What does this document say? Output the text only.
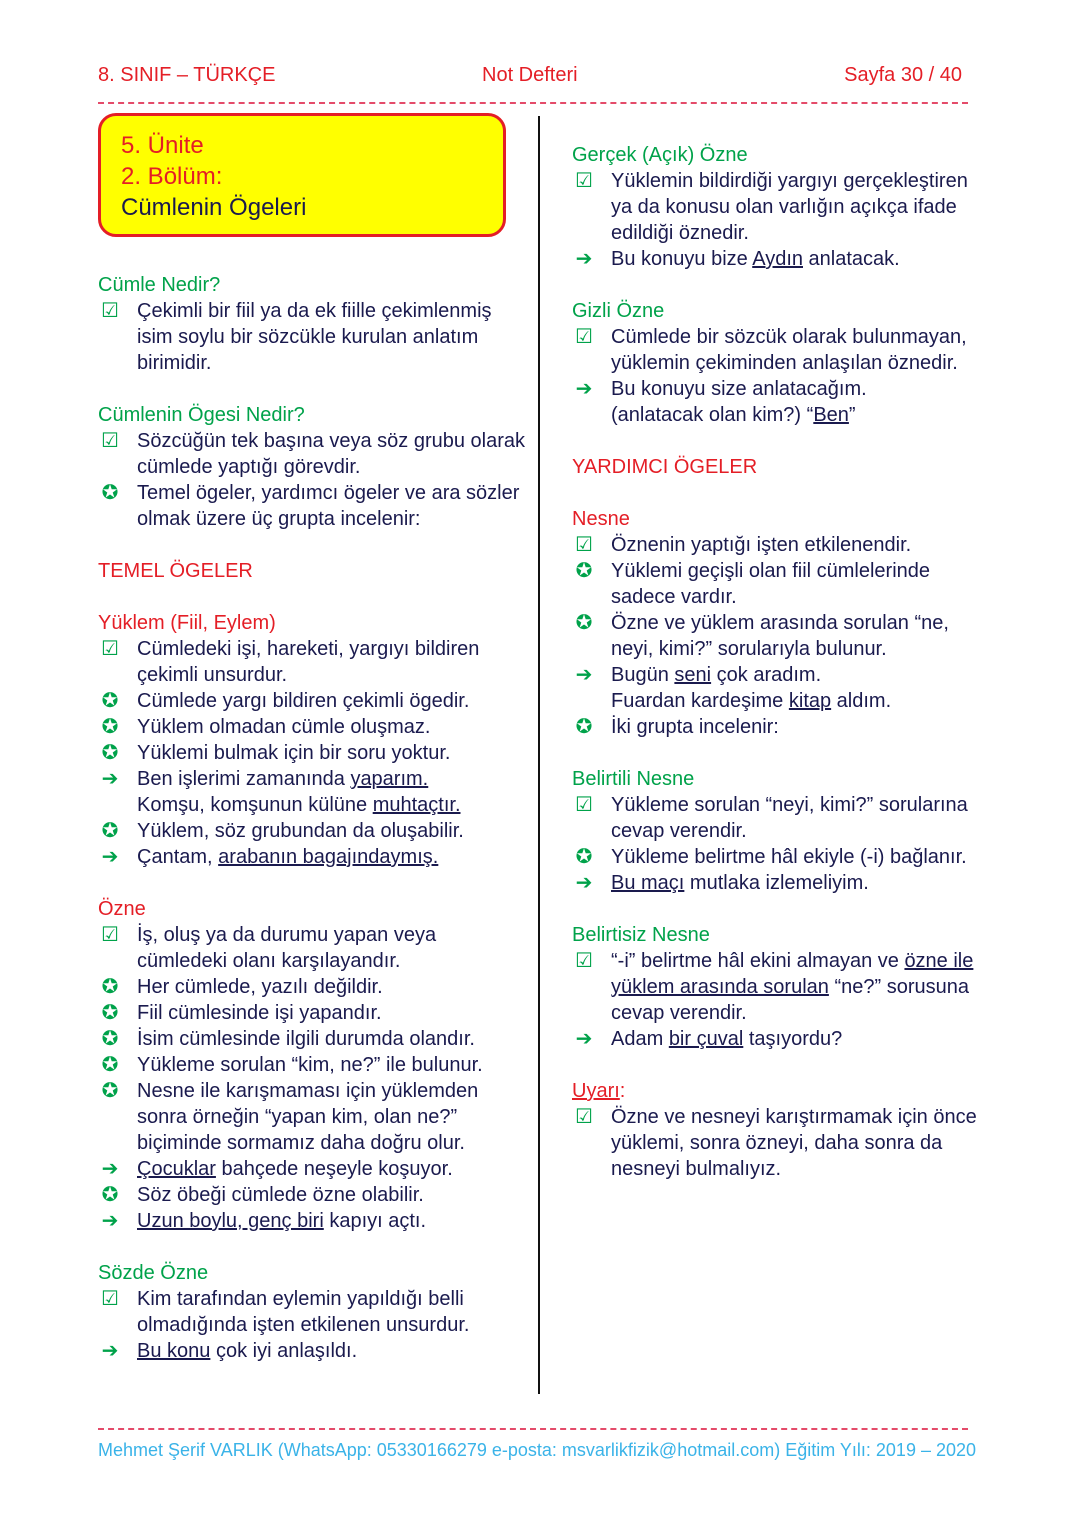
8. SINIF – TÜRKÇE	Not Defteri	Sayfa 30 / 40
5. Ünite
2. Bölüm:
Cümlenin Ögeleri
Cümle Nedir?
☑ Çekimli bir fiil ya da ek fiille çekimlenmiş isim soylu bir sözcükle kurulan anlatım birimidir.
Cümlenin Ögesi Nedir?
☑ Sözcüğün tek başına veya söz grubu olarak cümlede yaptığı görevdir.
✪ Temel ögeler, yardımcı ögeler ve ara sözler olmak üzere üç grupta incelenir:
TEMEL ÖGELER
Yüklem (Fiil, Eylem)
☑ Cümledeki işi, hareketi, yargıyı bildiren çekimli unsurdur.
✪ Cümlede yargı bildiren çekimli ögedir.
✪ Yüklem olmadan cümle oluşmaz.
✪ Yüklemi bulmak için bir soru yoktur.
➔ Ben işlerimi zamanında yaparım.
Komşu, komşunun külüne muhtaçtır.
✪ Yüklem, söz grubundan da oluşabilir.
➔ Çantam, arabanın bagajındaymış.
Özne
☑ İş, oluş ya da durumu yapan veya cümledeki olanı karşılayandır.
✪ Her cümlede, yazılı değildir.
✪ Fiil cümlesinde işi yapandır.
✪ İsim cümlesinde ilgili durumda olandır.
✪ Yükleme sorulan “kim, ne?” ile bulunur.
✪ Nesne ile karışmaması için yüklemden sonra örneğin “yapan kim, olan ne?” biçiminde sormamız daha doğru olur.
➔ Çocuklar bahçede neşeyle koşuyor.
✪ Söz öbeği cümlede özne olabilir.
➔ Uzun boylu, genç biri kapıyı açtı.
Sözde Özne
☑ Kim tarafından eylemin yapıldığı belli olmadığında işten etkilenen unsurdur.
➔ Bu konu çok iyi anlaşıldı.
Gerçek (Açık) Özne
☑ Yüklemin bildirdiği yargıyı gerçekleştiren ya da konusu olan varlığın açıkça ifade edildiği öznedir.
➔ Bu konuyu bize Aydın anlatacak.
Gizli Özne
☑ Cümlede bir sözcük olarak bulunmayan, yüklemin çekiminden anlaşılan öznedir.
➔ Bu konuyu size anlatacağım.
(anlatacak olan kim?) “Ben”
YARDIMCI ÖGELER
Nesne
☑ Öznenin yaptığı işten etkilenendir.
✪ Yüklemi geçişli olan fiil cümlelerinde sadece vardır.
✪ Özne ve yüklem arasında sorulan “ne, neyi, kimi?” sorularıyla bulunur.
➔ Bugün seni çok aradım.
Fuardan kardeşime kitap aldım.
✪ İki grupta incelenir:
Belirtili Nesne
☑ Yükleme sorulan “neyi, kimi?” sorularına cevap verendir.
✪ Yükleme belirtme hâl ekiyle (-i) bağlanır.
➔ Bu maçı mutlaka izlemeliyim.
Belirtisiz Nesne
☑ “-i” belirtme hâl ekini almayan ve özne ile yüklem arasında sorulan “ne?” sorusuna cevap verendir.
➔ Adam bir çuval taşıyordu?
Uyarı:
☑ Özne ve nesneyi karıştırmamak için önce yüklemi, sonra özneyi, daha sonra da nesneyi bulmalıyız.
Mehmet Şerif VARLIK (WhatsApp: 05330166279 e-posta: msvarlikfizik@hotmail.com) Eğitim Yılı: 2019 – 2020
